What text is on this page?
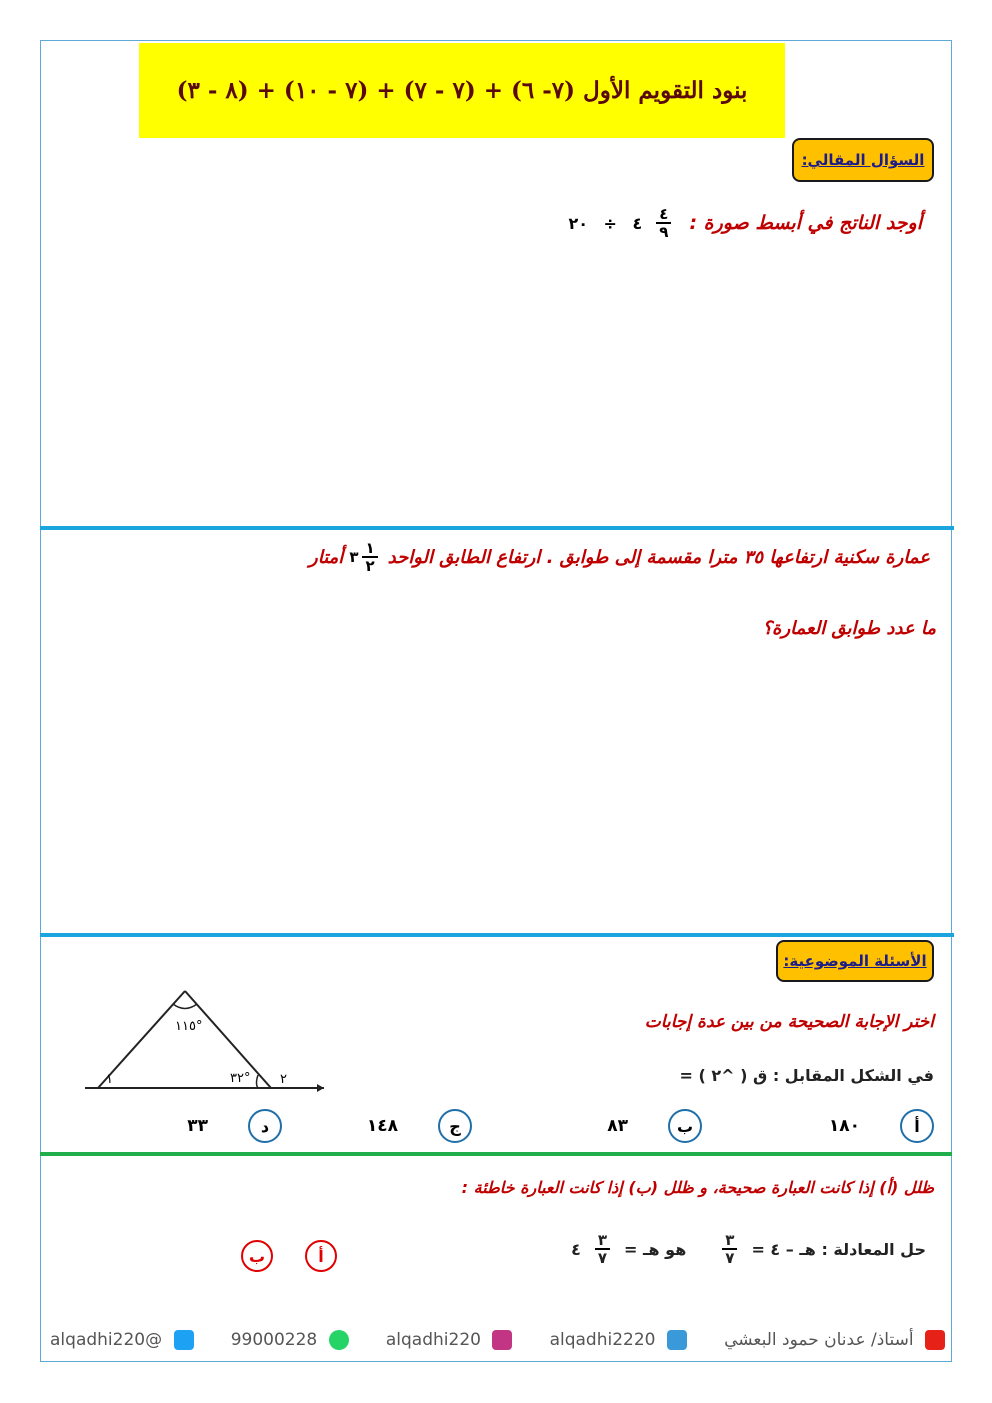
بنود التقويم الأول (٧- ٦) + (٧ - ٧) + (٧ - ١٠) + (٨ - ٣)
السؤال المقالي:
أوجد الناتج في أبسط صورة :
$\frac{٤}{٩}$
٤ ÷ ٢٠
عمارة سكنية ارتفاعها ٣٥ مترا مقسمة إلى طوابق . ارتفاع الطابق الواحد
$\frac{١}{٢}$
٣
أمتار
ما عدد طوابق العمارة؟
الأسئلة الموضوعية:
اختر الإجابة الصحيحة من بين عدة إجابات
في الشكل المقابل : ق ( ^٢ ) =
١١٥°
٣٢°
١	٢
أ
١٨٠
ب
٨٣
ج
١٤٨
د
٣٣
ظلل (أ) إذا كانت العبارة صحيحة، و ظلل (ب) إذا كانت العبارة خاطئة :
حل المعادلة : هـ – ٤ =
$\frac{٣}{٧}$
هو هـ =
$\frac{٣}{٧}$
٤
أ
ب
أستاذ/ عدنان حمود البعشي
alqadhi2220
alqadhi220
99000228
@alqadhi220
